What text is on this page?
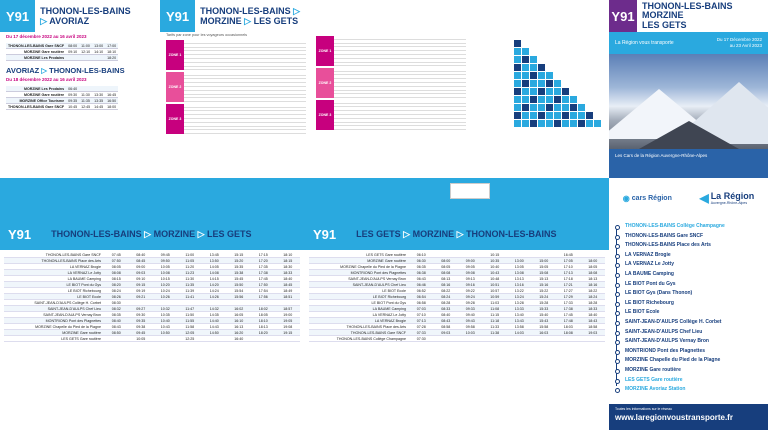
Y91	THONON-LES-BAINS
▷ AVORIAZ
Du 17 décembre 2022 au 16 avril 2023
THONON-LES-BAINS Gare SNCF	08:00	11:00	13:00	17:00
MORZINE Gare routière	09:10	12:10	14:10	18:10
MORZINE Les Prodains				18:20
AVORIAZ ▷ THONON-LES-BAINS
Du 18 décembre 2022 au 16 avril 2023
MORZINE Les Prodains	06:40			
MORZINE Gare routière	09:30	11:30	13:30	16:45
MORZINE Office Tourisme	09:35	11:35	13:35	16:50
THONON-LES-BAINS Gare SNCF	10:45	12:45	14:45	18:00
Y91	THONON-LES-BAINS ▷ MORZINE ▷ LES GETS
Tarifs par zone pour les voyageurs occasionnels
ZONE 1
ZONE 2
ZONE 3
ZONE 1
ZONE 2
ZONE 3
Y91
THONON-LES-BAINS
MORZINE
LES GETS
La Région vous transporte
Du 17 Décembre 2022
au 23 Avril 2023
Les Cars de la Région Auvergne-Rhône-Alpes
◉ cars Région ◀ La Région
Auvergne-Rhône-Alpes
Y91	THONON-LES-BAINS ▷ MORZINE ▷ LES GETS
THONON-LES-BAINS Gare SNCF	07:45	08:40	09:45	11:00	13:45	15:15	17:15	18:10
THONON-LES-BAINS Place des Arts	07:50	08:45	09:50	11:05	13:50	15:20	17:20	18:15
LA VERNAZ Brogie	08:05	09:00	10:05	11:20	14:05	15:35	17:35	18:30
LA VERNAZ Le Jotty	08:08	09:03	10:08	11:23	14:08	15:38	17:38	18:33
LA BAUME Camping	08:15	09:10	10:15	11:30	14:15	15:45	17:45	18:40
LE BIOT Pont du Gys	08:20	09:15	10:20	11:35	14:20	15:50	17:50	18:45
LE BIOT Richebourg	08:24	09:19	10:24	11:39	14:24	15:54	17:54	18:49
LE BIOT Ecole	08:26	09:21	10:26	11:41	14:26	15:56	17:56	18:51
SAINT-JEAN-D'AULPS Collège H. Corbet	08:30							
SAINT-JEAN-D'AULPS Chef Lieu	08:32	09:27	10:32	11:47	14:32	16:02	18:02	18:57
SAINT-JEAN-D'AULPS Vernay Bron	08:35	09:30	10:35	11:50	14:35	16:05	18:05	19:00
MONTRIOND Pont des Plagnettes	08:40	09:35	10:40	11:55	14:40	16:10	18:10	19:05
MORZINE Chapelle du Pied de la Plagne	08:43	09:38	10:43	11:58	14:43	16:13	18:13	19:08
MORZINE Gare routière	08:50	09:45	10:50	12:05	14:50	16:20	18:20	19:15
LES GETS Gare routière		10:05		12:25		16:40		
Y91	LES GETS ▷ MORZINE ▷ THONON-LES-BAINS
LES GETS Gare routière	06:10			10:15			16:45	
MORZINE Gare routière	06:30	08:00	09:00	10:35	13:00	15:00	17:05	18:00
MORZINE Chapelle du Pied de la Plagne	06:35	08:05	09:05	10:40	13:05	15:05	17:10	18:05
MONTRIOND Pont des Plagnettes	06:38	08:08	09:08	10:43	13:08	15:08	17:13	18:08
SAINT-JEAN-D'AULPS Vernay Bron	06:43	08:13	09:13	10:48	13:13	15:13	17:18	18:13
SAINT-JEAN-D'AULPS Chef Lieu	06:46	08:16	09:16	10:51	13:16	15:16	17:21	18:16
LE BIOT Ecole	06:52	08:22	09:22	10:57	13:22	15:22	17:27	18:22
LE BIOT Richebourg	06:54	08:24	09:24	10:59	13:24	15:24	17:29	18:24
LE BIOT Pont du Gys	06:58	08:28	09:28	11:03	13:28	15:28	17:33	18:28
LA BAUME Camping	07:03	08:33	09:33	11:08	13:33	15:33	17:38	18:33
LA VERNAZ Le Jotty	07:10	08:40	09:40	11:15	13:40	15:40	17:45	18:40
LA VERNAZ Brogie	07:13	08:43	09:43	11:18	13:43	15:43	17:48	18:43
THONON-LES-BAINS Place des Arts	07:28	08:58	09:58	11:33	13:58	15:58	18:03	18:58
THONON-LES-BAINS Gare SNCF	07:33	09:03	10:03	11:38	14:03	16:03	18:08	19:03
THONON-LES-BAINS Collège Champagne	07:30							
THONON-LES-BAINS Collège Champagne
THONON-LES-BAINS Gare SNCF
THONON-LES-BAINS Place des Arts
LA VERNAZ Brogie
LA VERNAZ Le Jotty
LA BAUME Camping
LE BIOT Pont du Gys
LE BIOT Gys (Dans Thonon)
LE BIOT Richebourg
LE BIOT Ecole
SAINT-JEAN-D'AULPS Collège H. Corbet
SAINT-JEAN-D'AULPS Chef Lieu
SAINT-JEAN-D'AULPS Vernay Bron
MONTRIOND Pont des Plagnettes
MORZINE Chapelle du Pied de la Plagne
MORZINE Gare routière
LES GETS Gare routière
MORZINE Avoriaz Station
Toutes les informations sur le réseau
www.laregionvoustransporte.fr
